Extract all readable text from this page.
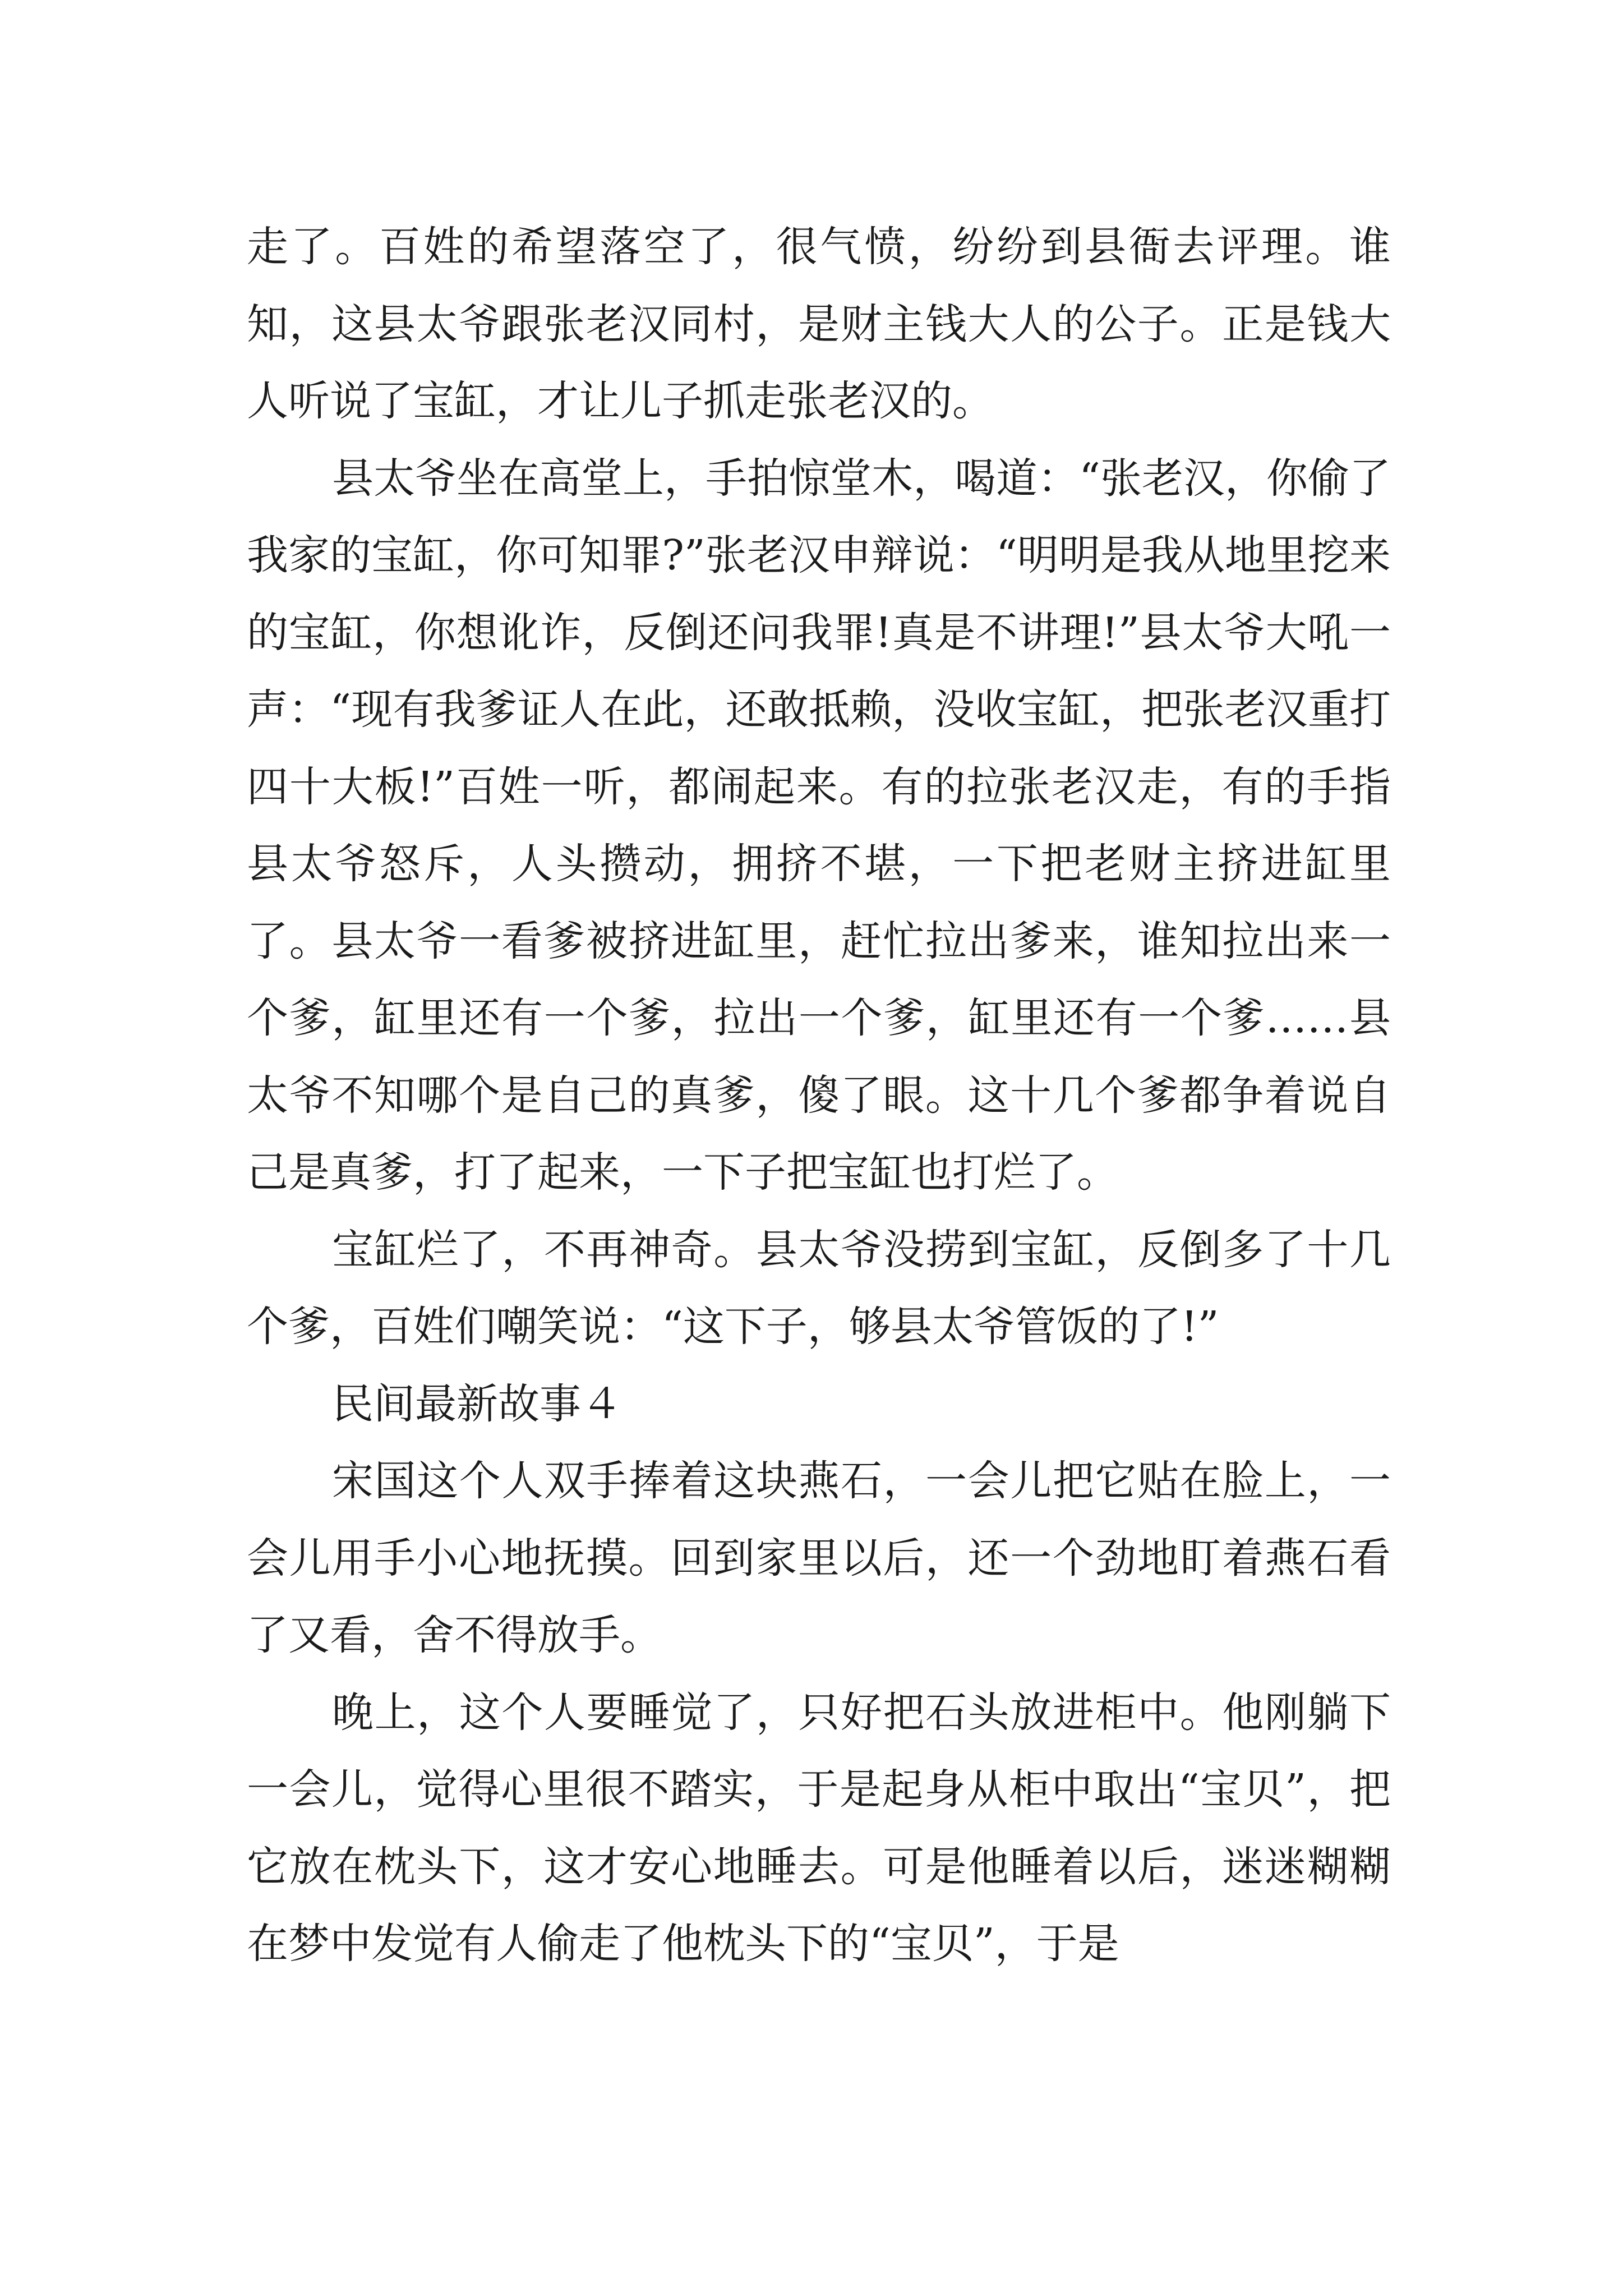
走了。百姓的希望落空了，很气愤，纷纷到县衙去评理。谁知，这县太爷跟张老汉同村，是财主钱大人的公子。正是钱大人听说了宝缸，才让儿子抓走张老汉的。

县太爷坐在高堂上，手拍惊堂木，喝道：“张老汉，你偷了我家的宝缸，你可知罪?”张老汉申辩说：“明明是我从地里挖来的宝缸，你想讹诈，反倒还问我罪!真是不讲理!”县太爷大吼一声：“现有我爹证人在此，还敢抵赖，没收宝缸，把张老汉重打四十大板!”百姓一听，都闹起来。有的拉张老汉走，有的手指县太爷怒斥，人头攒动，拥挤不堪，一下把老财主挤进缸里了。县太爷一看爹被挤进缸里，赶忙拉出爹来，谁知拉出来一个爹，缸里还有一个爹，拉出一个爹，缸里还有一个爹……县太爷不知哪个是自己的真爹，傻了眼。这十几个爹都争着说自己是真爹，打了起来，一下子把宝缸也打烂了。

宝缸烂了，不再神奇。县太爷没捞到宝缸，反倒多了十几个爹，百姓们嘲笑说：“这下子，够县太爷管饭的了!”

民间最新故事４

宋国这个人双手捧着这块燕石，一会儿把它贴在脸上，一会儿用手小心地抚摸。回到家里以后，还一个劲地盯着燕石看了又看，舍不得放手。

晚上，这个人要睡觉了，只好把石头放进柜中。他刚躺下一会儿，觉得心里很不踏实，于是起身从柜中取出“宝贝”，把它放在枕头下，这才安心地睡去。可是他睡着以后，迷迷糊糊在梦中发觉有人偷走了他枕头下的“宝贝”，于是
